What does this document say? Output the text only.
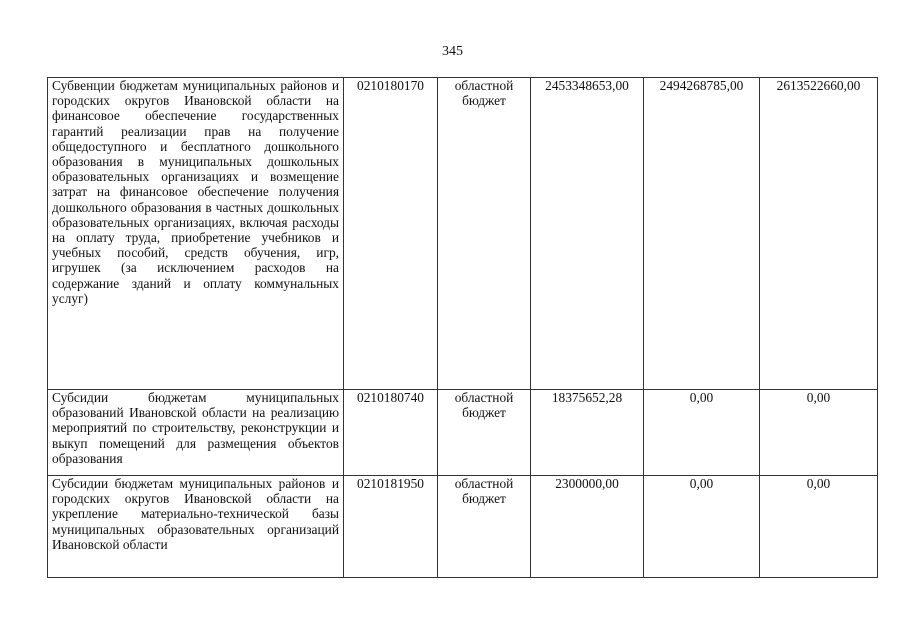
345
Субвенции бюджетам муниципальных районов и городских округов Ивановской области на финансовое обеспечение государственных гарантий реализации прав на получение общедоступного и бесплатного дошкольного образования в муниципальных дошкольных образовательных организациях и возмещение затрат на финансовое обеспечение получения дошкольного образования в частных дошкольных образовательных организациях, включая расходы на оплату труда, приобретение учебников и учебных пособий, средств обучения, игр, игрушек (за исключением расходов на содержание зданий и оплату коммунальных услуг)	0210180170	областной бюджет	2453348653,00	2494268785,00	2613522660,00
Субсидии бюджетам муниципальных образований Ивановской области на реализацию мероприятий по строительству, реконструкции и выкуп помещений для размещения объектов образования	0210180740	областной бюджет	18375652,28	0,00	0,00
Субсидии бюджетам муниципальных районов и городских округов Ивановской области на укрепление материально-технической базы муниципальных образовательных организаций Ивановской области	0210181950	областной бюджет	2300000,00	0,00	0,00
